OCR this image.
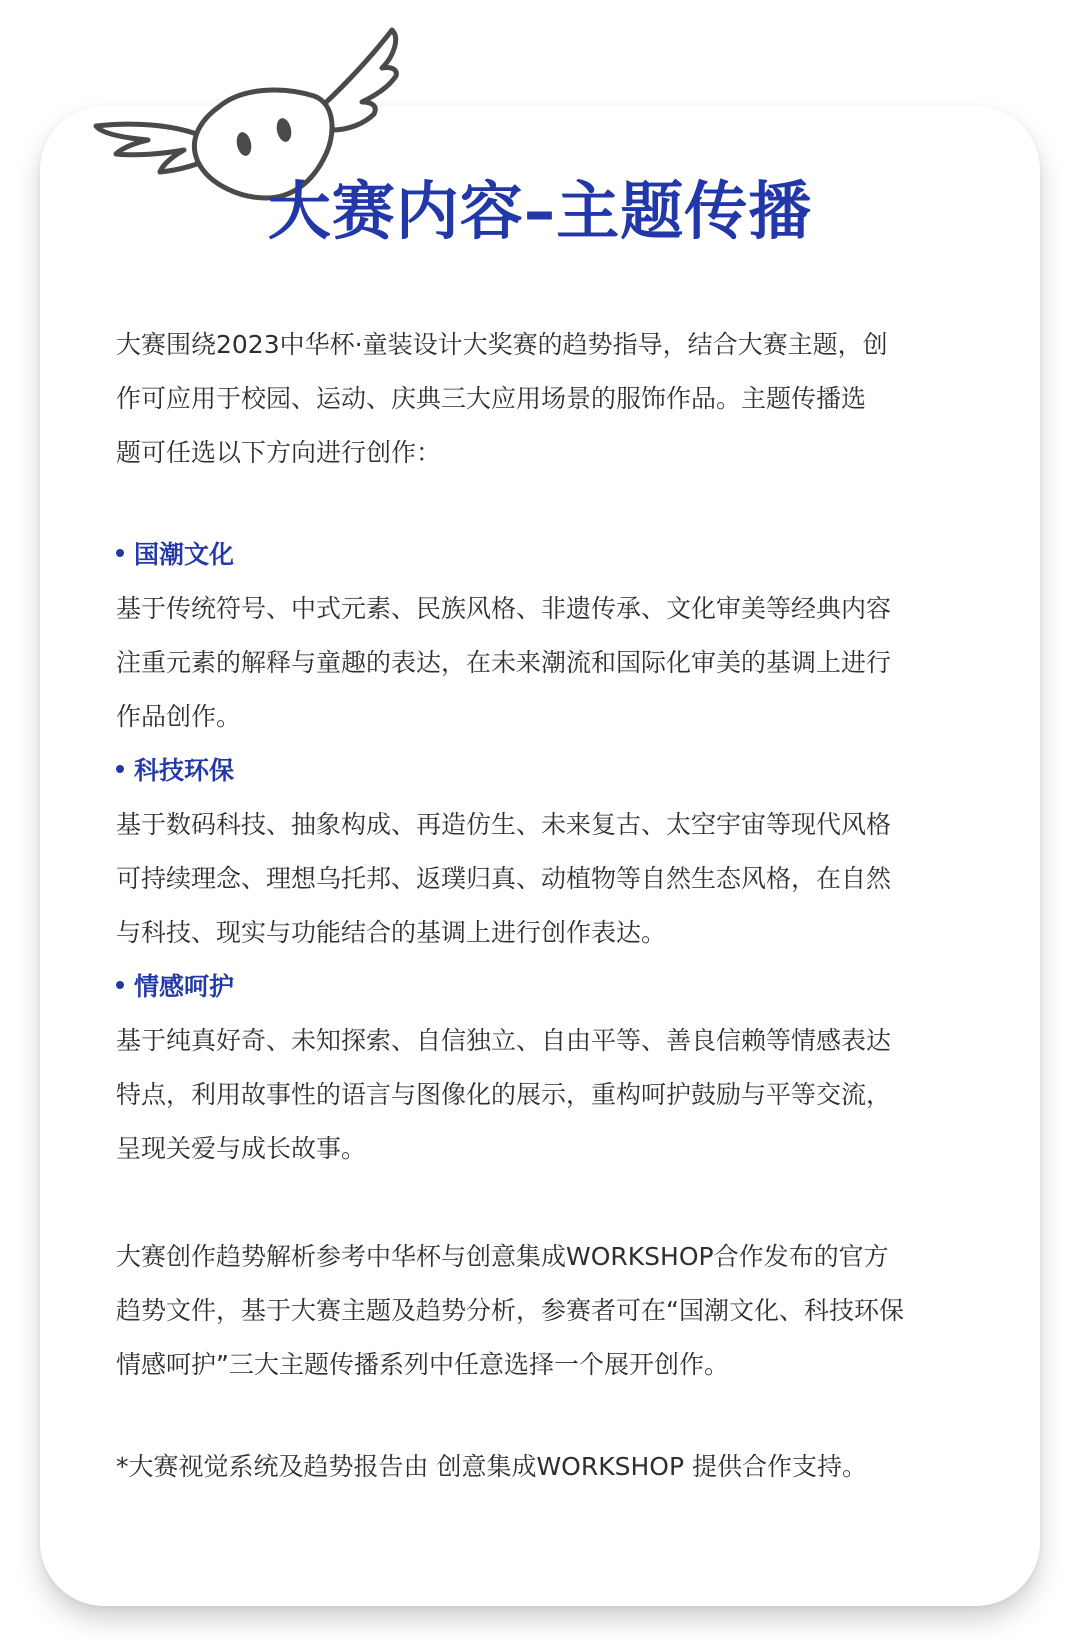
大赛内容–主题传播

大赛围绕2023中华杯·童装设计大奖赛的趋势指导，结合大赛主题，创
作可应用于校园、运动、庆典三大应用场景的服饰作品。主题传播选
题可任选以下方向进行创作：

国潮文化

基于传统符号、中式元素、民族风格、非遗传承、文化审美等经典内容
注重元素的解释与童趣的表达，在未来潮流和国际化审美的基调上进行
作品创作。

科技环保

基于数码科技、抽象构成、再造仿生、未来复古、太空宇宙等现代风格
可持续理念、理想乌托邦、返璞归真、动植物等自然生态风格，在自然
与科技、现实与功能结合的基调上进行创作表达。

情感呵护

基于纯真好奇、未知探索、自信独立、自由平等、善良信赖等情感表达
特点，利用故事性的语言与图像化的展示，重构呵护鼓励与平等交流，
呈现关爱与成长故事。

大赛创作趋势解析参考中华杯与创意集成WORKSHOP合作发布的官方
趋势文件，基于大赛主题及趋势分析，参赛者可在“国潮文化、科技环保
情感呵护”三大主题传播系列中任意选择一个展开创作。

*大赛视觉系统及趋势报告由 创意集成WORKSHOP 提供合作支持。
